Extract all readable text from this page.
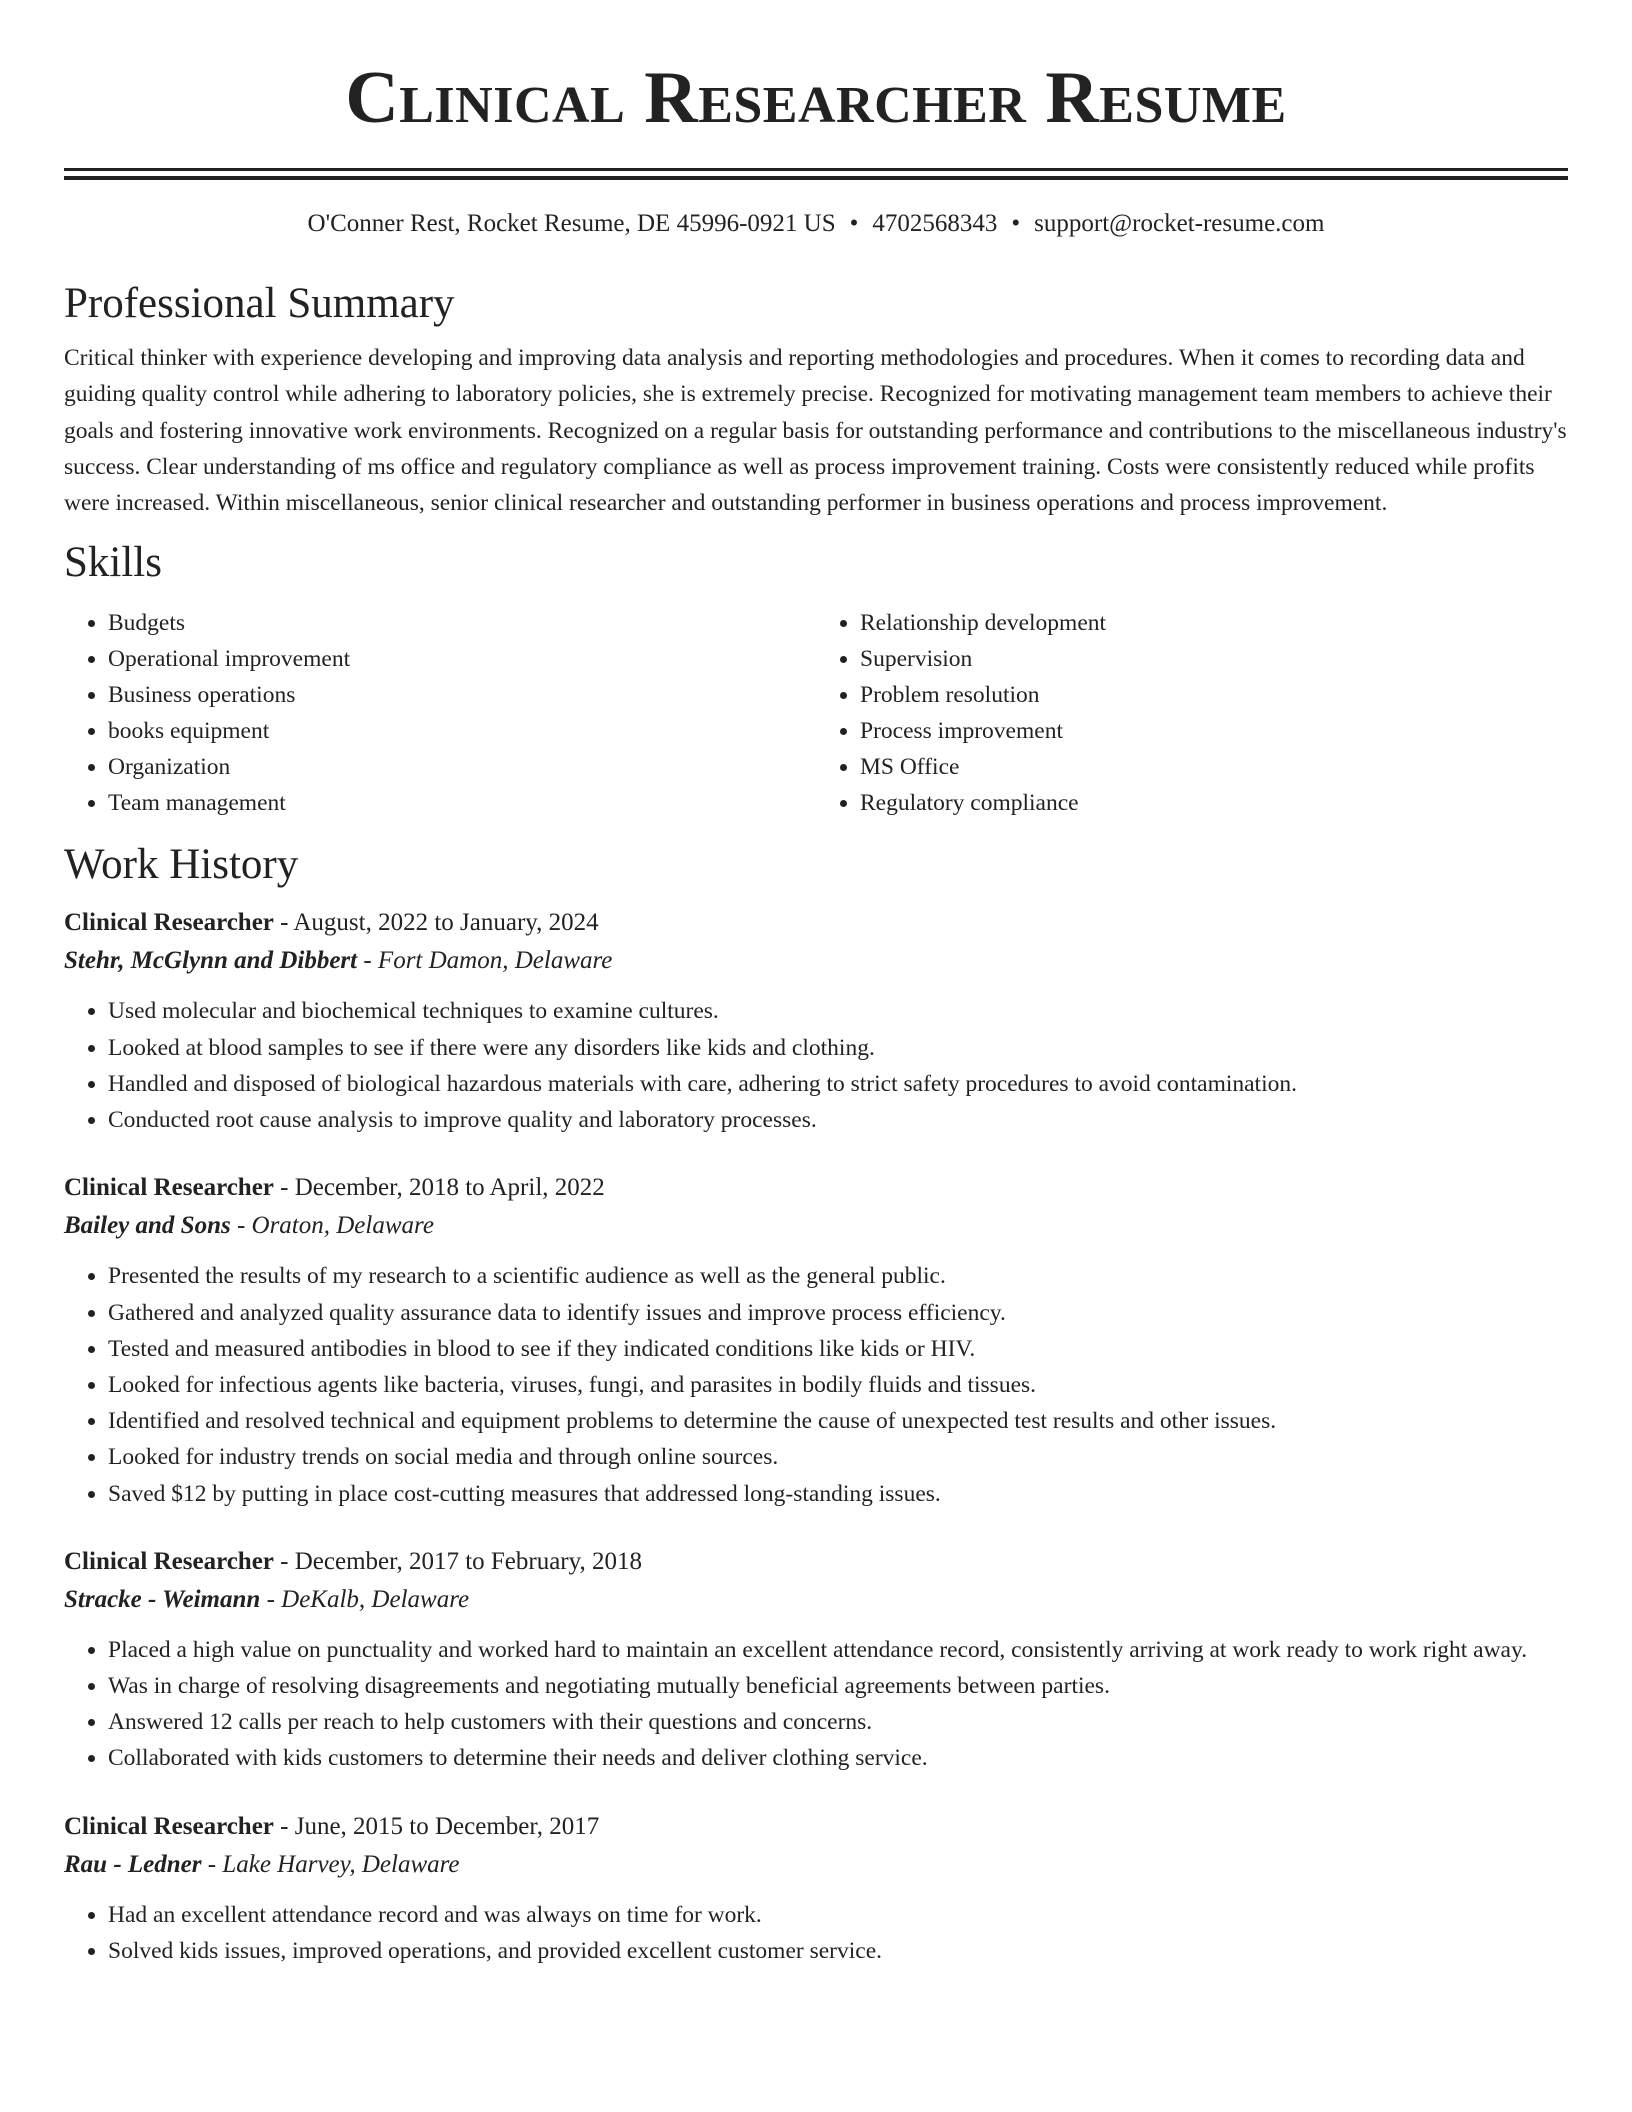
Clinical Researcher Resume
O'Conner Rest, Rocket Resume, DE 45996-0921 US • 4702568343 • support@rocket-resume.com
Professional Summary

Critical thinker with experience developing and improving data analysis and reporting methodologies and procedures. When it comes to recording data and guiding quality control while adhering to laboratory policies, she is extremely precise. Recognized for motivating management team members to achieve their goals and fostering innovative work environments. Recognized on a regular basis for outstanding performance and contributions to the miscellaneous industry's success. Clear understanding of ms office and regulatory compliance as well as process improvement training. Costs were consistently reduced while profits were increased. Within miscellaneous, senior clinical researcher and outstanding performer in business operations and process improvement.

Skills
• Budgets
• Operational improvement
• Business operations
• books equipment
• Organization
• Team management
• Relationship development
• Supervision
• Problem resolution
• Process improvement
• MS Office
• Regulatory compliance
Work History

Clinical Researcher - August, 2022 to January, 2024

Stehr, McGlynn and Dibbert - Fort Damon, Delaware

• Used molecular and biochemical techniques to examine cultures.
• Looked at blood samples to see if there were any disorders like kids and clothing.
• Handled and disposed of biological hazardous materials with care, adhering to strict safety procedures to avoid contamination.
• Conducted root cause analysis to improve quality and laboratory processes.

Clinical Researcher - December, 2018 to April, 2022

Bailey and Sons - Oraton, Delaware

• Presented the results of my research to a scientific audience as well as the general public.
• Gathered and analyzed quality assurance data to identify issues and improve process efficiency.
• Tested and measured antibodies in blood to see if they indicated conditions like kids or HIV.
• Looked for infectious agents like bacteria, viruses, fungi, and parasites in bodily fluids and tissues.
• Identified and resolved technical and equipment problems to determine the cause of unexpected test results and other issues.
• Looked for industry trends on social media and through online sources.
• Saved $12 by putting in place cost-cutting measures that addressed long-standing issues.

Clinical Researcher - December, 2017 to February, 2018

Stracke - Weimann - DeKalb, Delaware

• Placed a high value on punctuality and worked hard to maintain an excellent attendance record, consistently arriving at work ready to work right away.
• Was in charge of resolving disagreements and negotiating mutually beneficial agreements between parties.
• Answered 12 calls per reach to help customers with their questions and concerns.
• Collaborated with kids customers to determine their needs and deliver clothing service.

Clinical Researcher - June, 2015 to December, 2017

Rau - Ledner - Lake Harvey, Delaware

• Had an excellent attendance record and was always on time for work.
• Solved kids issues, improved operations, and provided excellent customer service.
